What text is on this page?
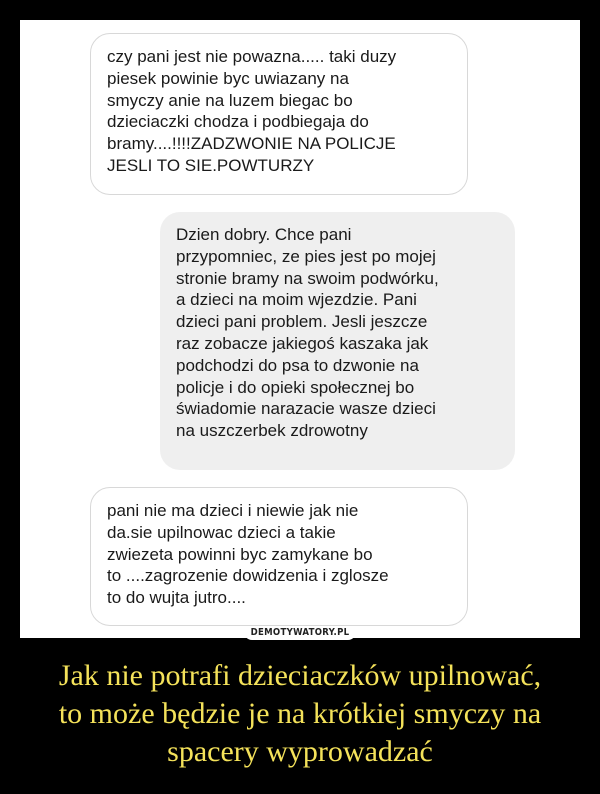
czy pani jest nie powazna..... taki duzy
piesek powinie byc uwiazany na
smyczy anie na luzem biegac bo
dzieciaczki chodza i podbiegaja do
bramy....!!!!ZADZWONIE NA POLICJE
JESLI TO SIE.POWTURZY
Dzien dobry. Chce pani
przypomniec, ze pies jest po mojej
stronie bramy na swoim podwórku,
a dzieci na moim wjezdzie. Pani
dzieci pani problem. Jesli jeszcze
raz zobacze jakiegoś kaszaka jak
podchodzi do psa to dzwonie na
policje i do opieki społecznej bo
świadomie narazacie wasze dzieci
na uszczerbek zdrowotny
pani nie ma dzieci i niewie jak nie
da.sie upilnowac dzieci a takie
zwiezeta powinni byc zamykane bo
to ....zagrozenie dowidzenia i zglosze
to do wujta jutro....
DEMOTYWATORY.PL
Jak nie potrafi dzieciaczków upilnować,
to może będzie je na krótkiej smyczy na
spacery wyprowadzać
